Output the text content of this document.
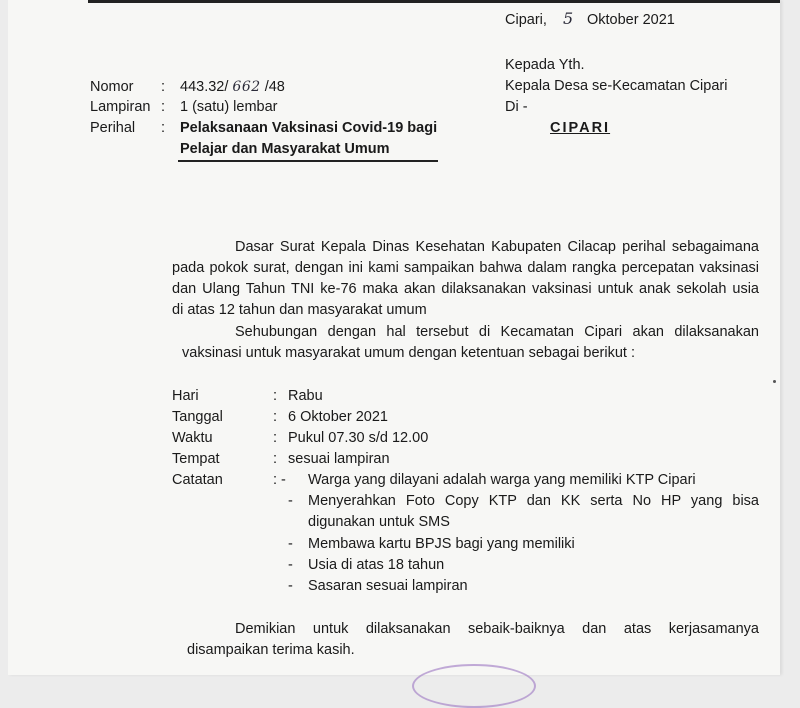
Cipari, 5 Oktober 2021
Kepada Yth.
Kepala Desa se-Kecamatan Cipari
Di -
CIPARI
Nomor : 443.32/ 662 /48
Lampiran : 1 (satu) lembar
Perihal : Pelaksanaan Vaksinasi Covid-19 bagi
Pelajar dan Masyarakat Umum
Dasar Surat Kepala Dinas Kesehatan Kabupaten Cilacap perihal sebagaimana
pada pokok surat, dengan ini kami sampaikan bahwa dalam rangka percepatan vaksinasi
dan Ulang Tahun TNI ke-76 maka akan dilaksanakan vaksinasi untuk anak sekolah usia
di atas 12 tahun dan masyarakat umum
Sehubungan dengan hal tersebut di Kecamatan Cipari akan dilaksanakan
vaksinasi untuk masyarakat umum dengan ketentuan sebagai berikut :
Hari	: Rabu
Tanggal	: 6 Oktober 2021
Waktu	: Pukul 07.30 s/d 12.00
Tempat	: sesuai lampiran
Catatan	: - Warga yang dilayani adalah warga yang memiliki KTP Cipari
- Menyerahkan Foto Copy KTP dan KK serta No HP yang bisa
digunakan untuk SMS
- Membawa kartu BPJS bagi yang memiliki
- Usia di atas 18 tahun
- Sasaran sesuai lampiran
Demikian untuk dilaksanakan sebaik-baiknya dan atas kerjasamanya
disampaikan terima kasih.
